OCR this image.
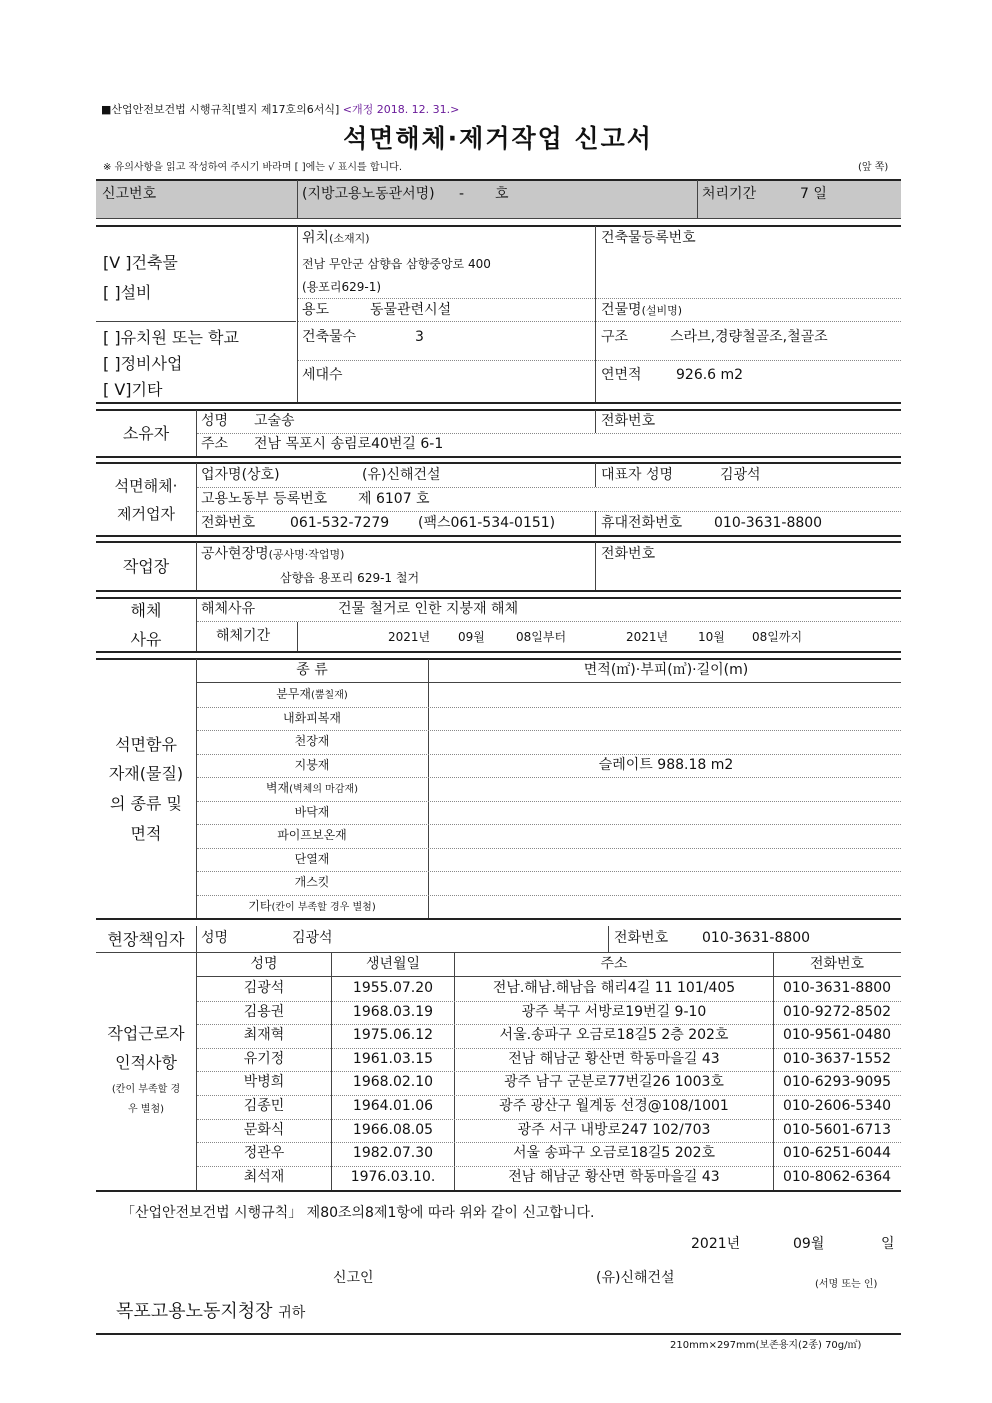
■산업안전보건법 시행규칙[별지 제17호의6서식] <개정 2018. 12. 31.>
석면해체·제거작업 신고서
※ 유의사항을 읽고 작성하여 주시기 바라며 [ ]에는 √ 표시를 합니다.	(앞 쪽)
신고번호	(지방고용노동관서명) - 호	처리기간	7 일
[V ]건축물
[ ]설비
[ ]유치원 또는 학교
[ ]정비사업
[ V]기타
위치(소재지)
전남 무안군 삼향읍 삼향중앙로 400
(용포리629-1)
건축물등록번호
용도	동물관련시설	건물명(설비명)
건축물수	3	구조	스라브,경량철골조,철골조
세대수	연면적 926.6 m2
소유자
성명 고술송	전화번호
주소 전남 목포시 송림로40번길 6-1
석면해체·
제거업자
업자명(상호)	(유)신해건설	대표자 성명	김광석
고용노동부 등록번호 제 6107 호
전화번호 061-532-7279 (팩스061-534-0151)	휴대전화번호 010-3631-8800
작업장
공사현장명(공사명·작업명)
삼향읍 용포리 629-1 철거
전화번호
해체
사유
해체사유	건물 철거로 인한 지붕재 해체
해체기간	2021년 09월	08일부터	2021년 10월 08일까지
석면함유
자재(물질)
의 종류 및
면적
종 류	면적(㎡)·부피(㎥)·길이(m)
분무재(뿜칠재)
내화피복재
천장재
지붕재	슬레이트 988.18 m2
벽재(벽체의 마감재)
바닥재
파이프보온재
단열재
개스킷
기타(칸이 부족할 경우 별첨)
현장책임자 성명	김광석	전화번호 010-3631-8800
작업근로자
인적사항
(칸이 부족할 경
우 별첨)
성명	생년월일	주소	전화번호
김광석	1955.07.20	전남.해남.해남읍 해리4길 11 101/405	010-3631-8800
김용권	1968.03.19	광주 북구 서방로19번길 9-10	010-9272-8502
최재혁	1975.06.12	서울.송파구 오금로18길5 2층 202호	010-9561-0480
유기정	1961.03.15	전남 해남군 황산면 학동마을길 43	010-3637-1552
박병희	1968.02.10	광주 남구 군분로77번길26 1003호	010-6293-9095
김종민	1964.01.06	광주 광산구 월계동 선경@108/1001	010-2606-5340
문화식	1966.08.05	광주 서구 내방로247 102/703	010-5601-6713
정관우	1982.07.30	서울 송파구 오금로18길5 202호	010-6251-6044
최석재	1976.03.10.	전남 해남군 황산면 학동마을길 43	010-8062-6364
「산업안전보건법 시행규칙」 제80조의8제1항에 따라 위와 같이 신고합니다.
2021년	09월	일
신고인	(유)신해건설	(서명 또는 인)
목포고용노동지청장 귀하
210mm×297mm(보존용지(2종) 70g/㎡)
